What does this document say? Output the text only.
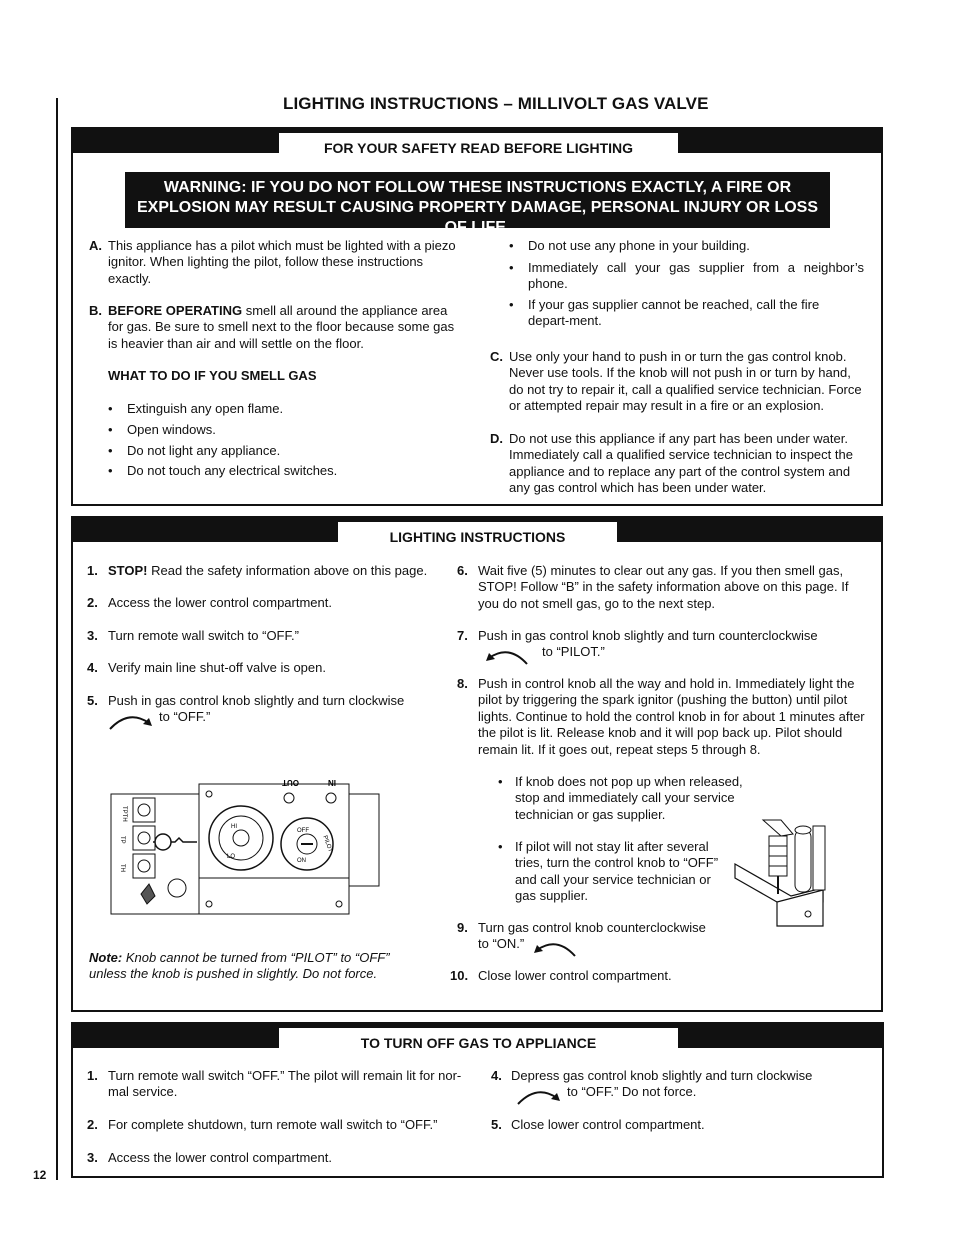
12
LIGHTING INSTRUCTIONS – MILLIVOLT GAS VALVE
FOR YOUR SAFETY READ BEFORE LIGHTING
WARNING: IF YOU DO NOT FOLLOW THESE INSTRUCTIONS EXACTLY, A FIRE OR EXPLOSION MAY RESULT CAUSING PROPERTY DAMAGE, PERSONAL INJURY OR LOSS OF LIFE.
A. This appliance has a pilot which must be lighted with a piezo ignitor. When lighting the pilot, follow these instructions exactly.
B. BEFORE OPERATING smell all around the appliance area for gas. Be sure to smell next to the floor because some gas is heavier than air and will settle on the floor.
WHAT TO DO IF YOU SMELL GAS
• Extinguish any open flame.
• Open windows.
• Do not light any appliance.
• Do not touch any electrical switches.
• Do not use any phone in your building.
• Immediately call your gas supplier from a neighbor’s phone.
• If your gas supplier cannot be reached, call the fire depart-ment.
C. Use only your hand to push in or turn the gas control knob. Never use tools. If the knob will not push in or turn by hand, do not try to repair it, call a qualified service technician. Force or attempted repair may result in a fire or an explosion.
D. Do not use this appliance if any part has been under water. Immediately call a qualified service technician to inspect the appliance and to replace any part of the control system and any gas control which has been under water.
LIGHTING INSTRUCTIONS
1. STOP! Read the safety information above on this page.
2. Access the lower control compartment.
3. Turn remote wall switch to “OFF.”
4. Verify main line shut-off valve is open.
5. Push in gas control knob slightly and turn clockwise
to “OFF.”
IN
OUT
TPTH
TP
TH
OFF
PILOT
ON
HI
LO
Note: Knob cannot be turned from “PILOT” to “OFF” unless the knob is pushed in slightly. Do not force.
6. Wait five (5) minutes to clear out any gas. If you then smell gas, STOP! Follow “B” in the safety information above on this page. If you do not smell gas, go to the next step.
7. Push in gas control knob slightly and turn counterclockwise
to “PILOT.”
8. Push in control knob all the way and hold in. Immediately light the pilot by triggering the spark ignitor (pushing the button) until pilot lights. Continue to hold the control knob in for about 1 minutes after the pilot is lit. Release knob and it will pop back up. Pilot should remain lit. If it goes out, repeat steps 5 through 8.
• If knob does not pop up when released, stop and immediately call your service technician or gas supplier.
• If pilot will not stay lit after several tries, turn the control knob to “OFF” and call your service technician or gas supplier.
9. Turn gas control knob counterclockwise to “ON.”
10. Close lower control compartment.
TO TURN OFF GAS TO APPLIANCE
1. Turn remote wall switch “OFF.” The pilot will remain lit for nor-mal service.
2. For complete shutdown, turn remote wall switch to “OFF.”
3. Access the lower control compartment.
4. Depress gas control knob slightly and turn clockwise
to “OFF.” Do not force.
5. Close lower control compartment.
